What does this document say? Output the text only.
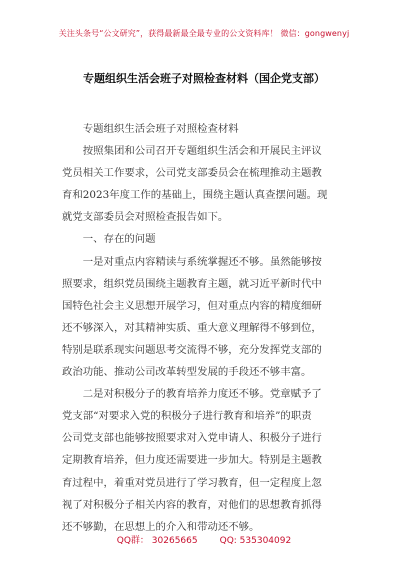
关注头条号“公文研究”，获得最新最全最专业的公文资料库！ 微信：gongwenyj
专题组织生活会班子对照检查材料（国企党支部）

专题组织生活会班子对照检查材料

按照集团和公司召开专题组织生活会和开展民主评议

党员相关工作要求，公司党支部委员会在梳理推动主题教
育和2023年度工作的基础上，围绕主题认真查摆问题。现
就党支部委员会对照检查报告如下。

一、存在的问题

一是对重点内容精读与系统掌握还不够。虽然能够按

照要求，组织党员围绕主题教育主题，就习近平新时代中
国特色社会主义思想开展学习，但对重点内容的精度细研
还不够深入，对其精神实质、重大意义理解得不够到位，
特别是联系现实问题思考交流得不够，充分发挥党支部的
政治功能、推动公司改革转型发展的手段还不够丰富。

二是对积极分子的教育培养力度还不够。党章赋予了

党支部“对要求入党的积极分子进行教育和培养”的职责
公司党支部也能够按照要求对入党申请人、积极分子进行
定期教育培养，但力度还需要进一步加大。特别是主题教
育过程中，着重对党员进行了学习教育，但一定程度上忽
视了对积极分子相关内容的教育，对他们的思想教育抓得
还不够勤，在思想上的介入和带动还不够。
QQ群： 30265665 QQ: 535304092
